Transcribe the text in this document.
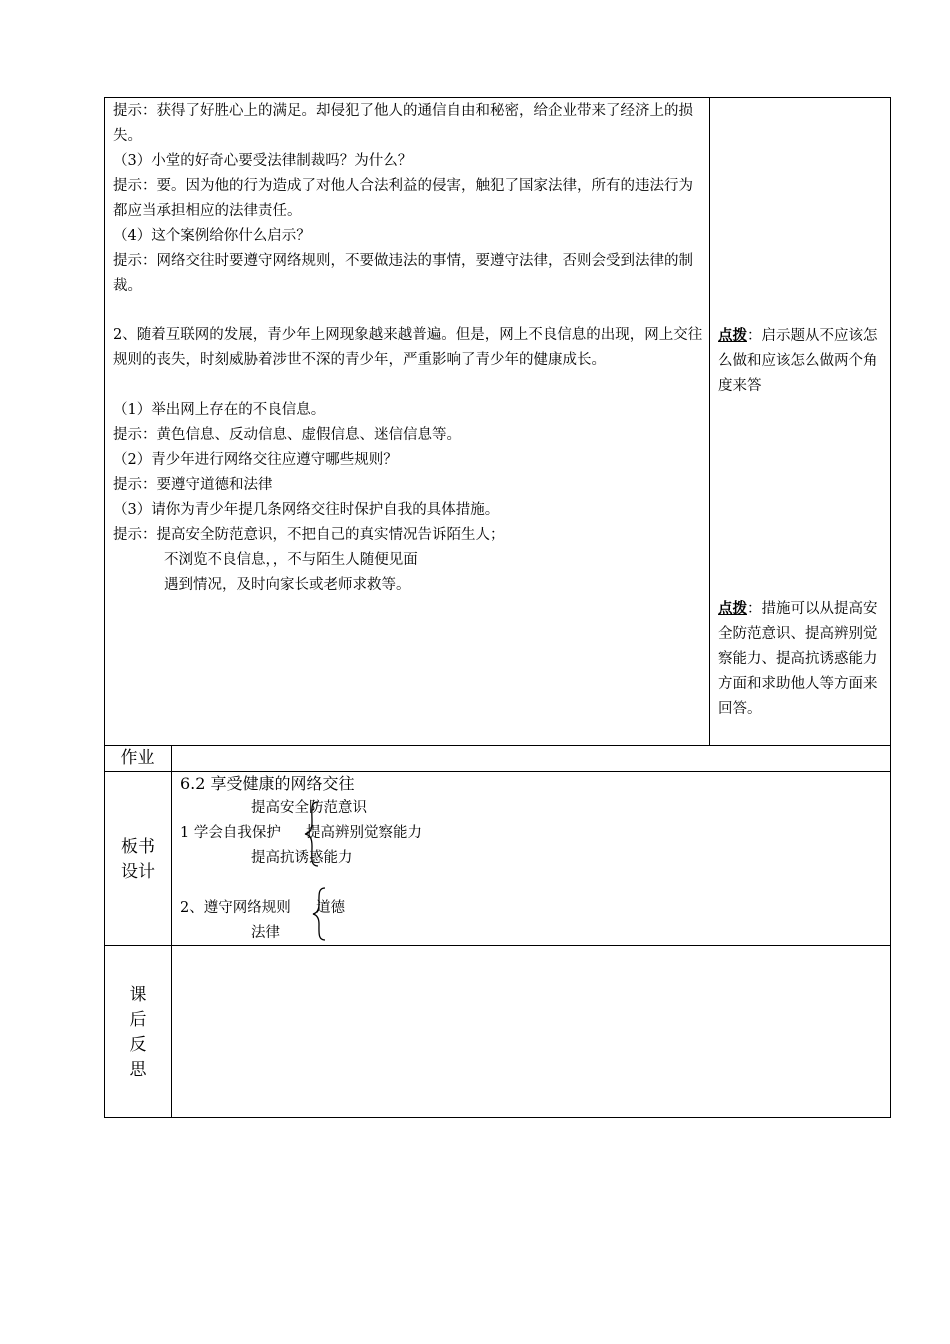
提示：获得了好胜心上的满足。却侵犯了他人的通信自由和秘密，给企业带来了经济上的损失。
（3）小堂的好奇心要受法律制裁吗？为什么？
提示：要。因为他的行为造成了对他人合法利益的侵害，触犯了国家法律，所有的违法行为都应当承担相应的法律责任。
（4）这个案例给你什么启示？
提示：网络交往时要遵守网络规则，不要做违法的事情，要遵守法律，否则会受到法律的制裁。
2、随着互联网的发展，青少年上网现象越来越普遍。但是，网上不良信息的出现，网上交往规则的丧失，时刻威胁着涉世不深的青少年，严重影响了青少年的健康成长。
（1）举出网上存在的不良信息。
提示：黄色信息、反动信息、虚假信息、迷信信息等。
（2）青少年进行网络交往应遵守哪些规则？
提示：要遵守道德和法律
（3）请你为青少年提几条网络交往时保护自我的具体措施。
提示：提高安全防范意识，不把自己的真实情况告诉陌生人；
不浏览不良信息，，不与陌生人随便见面
遇到情况，及时向家长或老师求救等。
点拨：启示题从不应该怎么做和应该怎么做两个角度来答
点拨：措施可以从提高安全防范意识、提高辨别觉察能力、提高抗诱惑能力方面和求助他人等方面来回答。
作业
板书设计
6.2 享受健康的网络交往
提高安全防范意识
1 学会自我保护 提高辨别觉察能力
提高抗诱惑能力
2、遵守网络规则 道德
法律
课后反思
